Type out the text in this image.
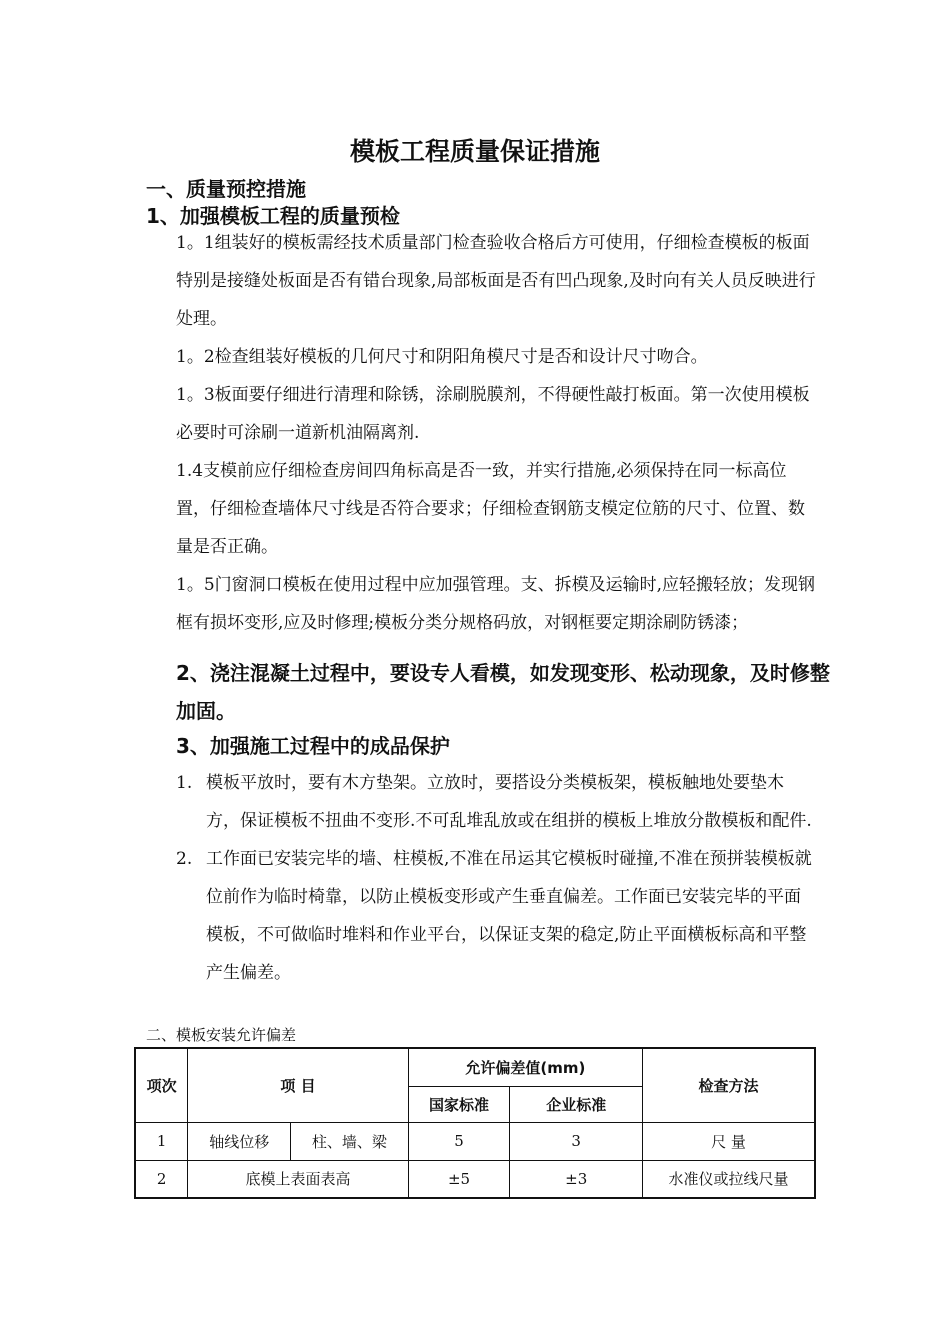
模板工程质量保证措施
一、质量预控措施
1、加强模板工程的质量预检

1。1组装好的模板需经技术质量部门检查验收合格后方可使用，仔细检查模板的板面特别是接缝处板面是否有错台现象,局部板面是否有凹凸现象,及时向有关人员反映进行处理。

1。2检查组装好模板的几何尺寸和阴阳角模尺寸是否和设计尺寸吻合。

1。3板面要仔细进行清理和除锈，涂刷脱膜剂，不得硬性敲打板面。第一次使用模板必要时可涂刷一道新机油隔离剂.

1.4支模前应仔细检查房间四角标高是否一致，并实行措施,必须保持在同一标高位置，仔细检查墙体尺寸线是否符合要求；仔细检查钢筋支模定位筋的尺寸、位置、数量是否正确。

1。5门窗洞口模板在使用过程中应加强管理。支、拆模及运输时,应轻搬轻放；发现钢框有损坏变形,应及时修理;模板分类分规格码放，对钢框要定期涂刷防锈漆；

2、浇注混凝土过程中，要设专人看模，如发现变形、松动现象，及时修整加固。
3、加强施工过程中的成品保护
1. 模板平放时，要有木方垫架。立放时，要搭设分类模板架，模板触地处要垫木方，保证模板不扭曲不变形.不可乱堆乱放或在组拼的模板上堆放分散模板和配件.
2. 工作面已安装完毕的墙、柱模板,不准在吊运其它模板时碰撞,不准在预拼装模板就位前作为临时椅靠，以防止模板变形或产生垂直偏差。工作面已安装完毕的平面模板，不可做临时堆料和作业平台，以保证支架的稳定,防止平面横板标高和平整产生偏差。
二、模板安装允许偏差
项次	项 目		允许偏差值(mm)		检查方法
			国家标准	企业标准	
1	轴线位移	柱、墙、梁	5	3	尺 量
2	底模上表面表高		±5	±3	水准仪或拉线尺量
